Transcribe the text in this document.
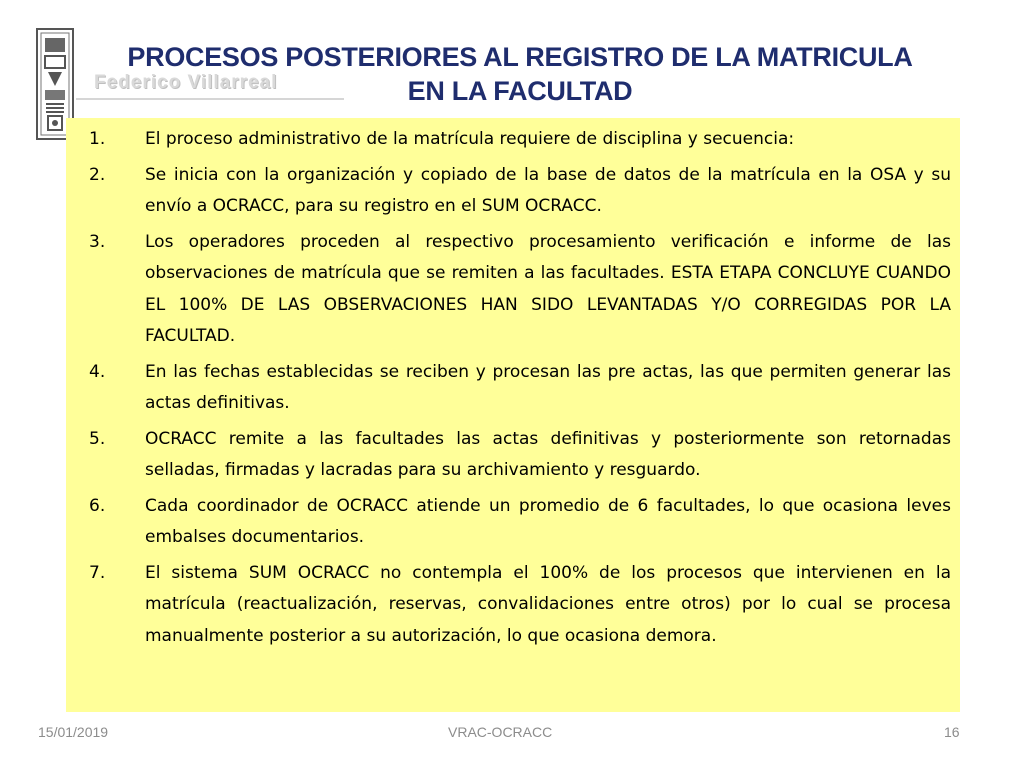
Federico Villarreal
PROCESOS POSTERIORES AL REGISTRO DE LA MATRICULA
EN LA FACULTAD
1. El proceso administrativo de la matrícula requiere de disciplina y secuencia:
2. Se inicia con la organización y copiado de la base de datos de la matrícula en la OSA y su envío a OCRACC, para su registro en el SUM OCRACC.
3. Los operadores proceden al respectivo procesamiento verificación e informe de las observaciones de matrícula que se remiten a las facultades. ESTA ETAPA CONCLUYE CUANDO EL 100% DE LAS OBSERVACIONES HAN SIDO LEVANTADAS Y/O CORREGIDAS POR LA FACULTAD.
4. En las fechas establecidas se reciben y procesan las pre actas, las que permiten generar las actas definitivas.
5. OCRACC remite a las facultades las actas definitivas y posteriormente son retornadas selladas, firmadas y lacradas para su archivamiento y resguardo.
6. Cada coordinador de OCRACC atiende un promedio de 6 facultades, lo que ocasiona leves embalses documentarios.
7. El sistema SUM OCRACC no contempla el 100% de los procesos que intervienen en la matrícula (reactualización, reservas, convalidaciones entre otros) por lo cual se procesa manualmente posterior a su autorización, lo que ocasiona demora.
15/01/2019	VRAC-OCRACC	16
